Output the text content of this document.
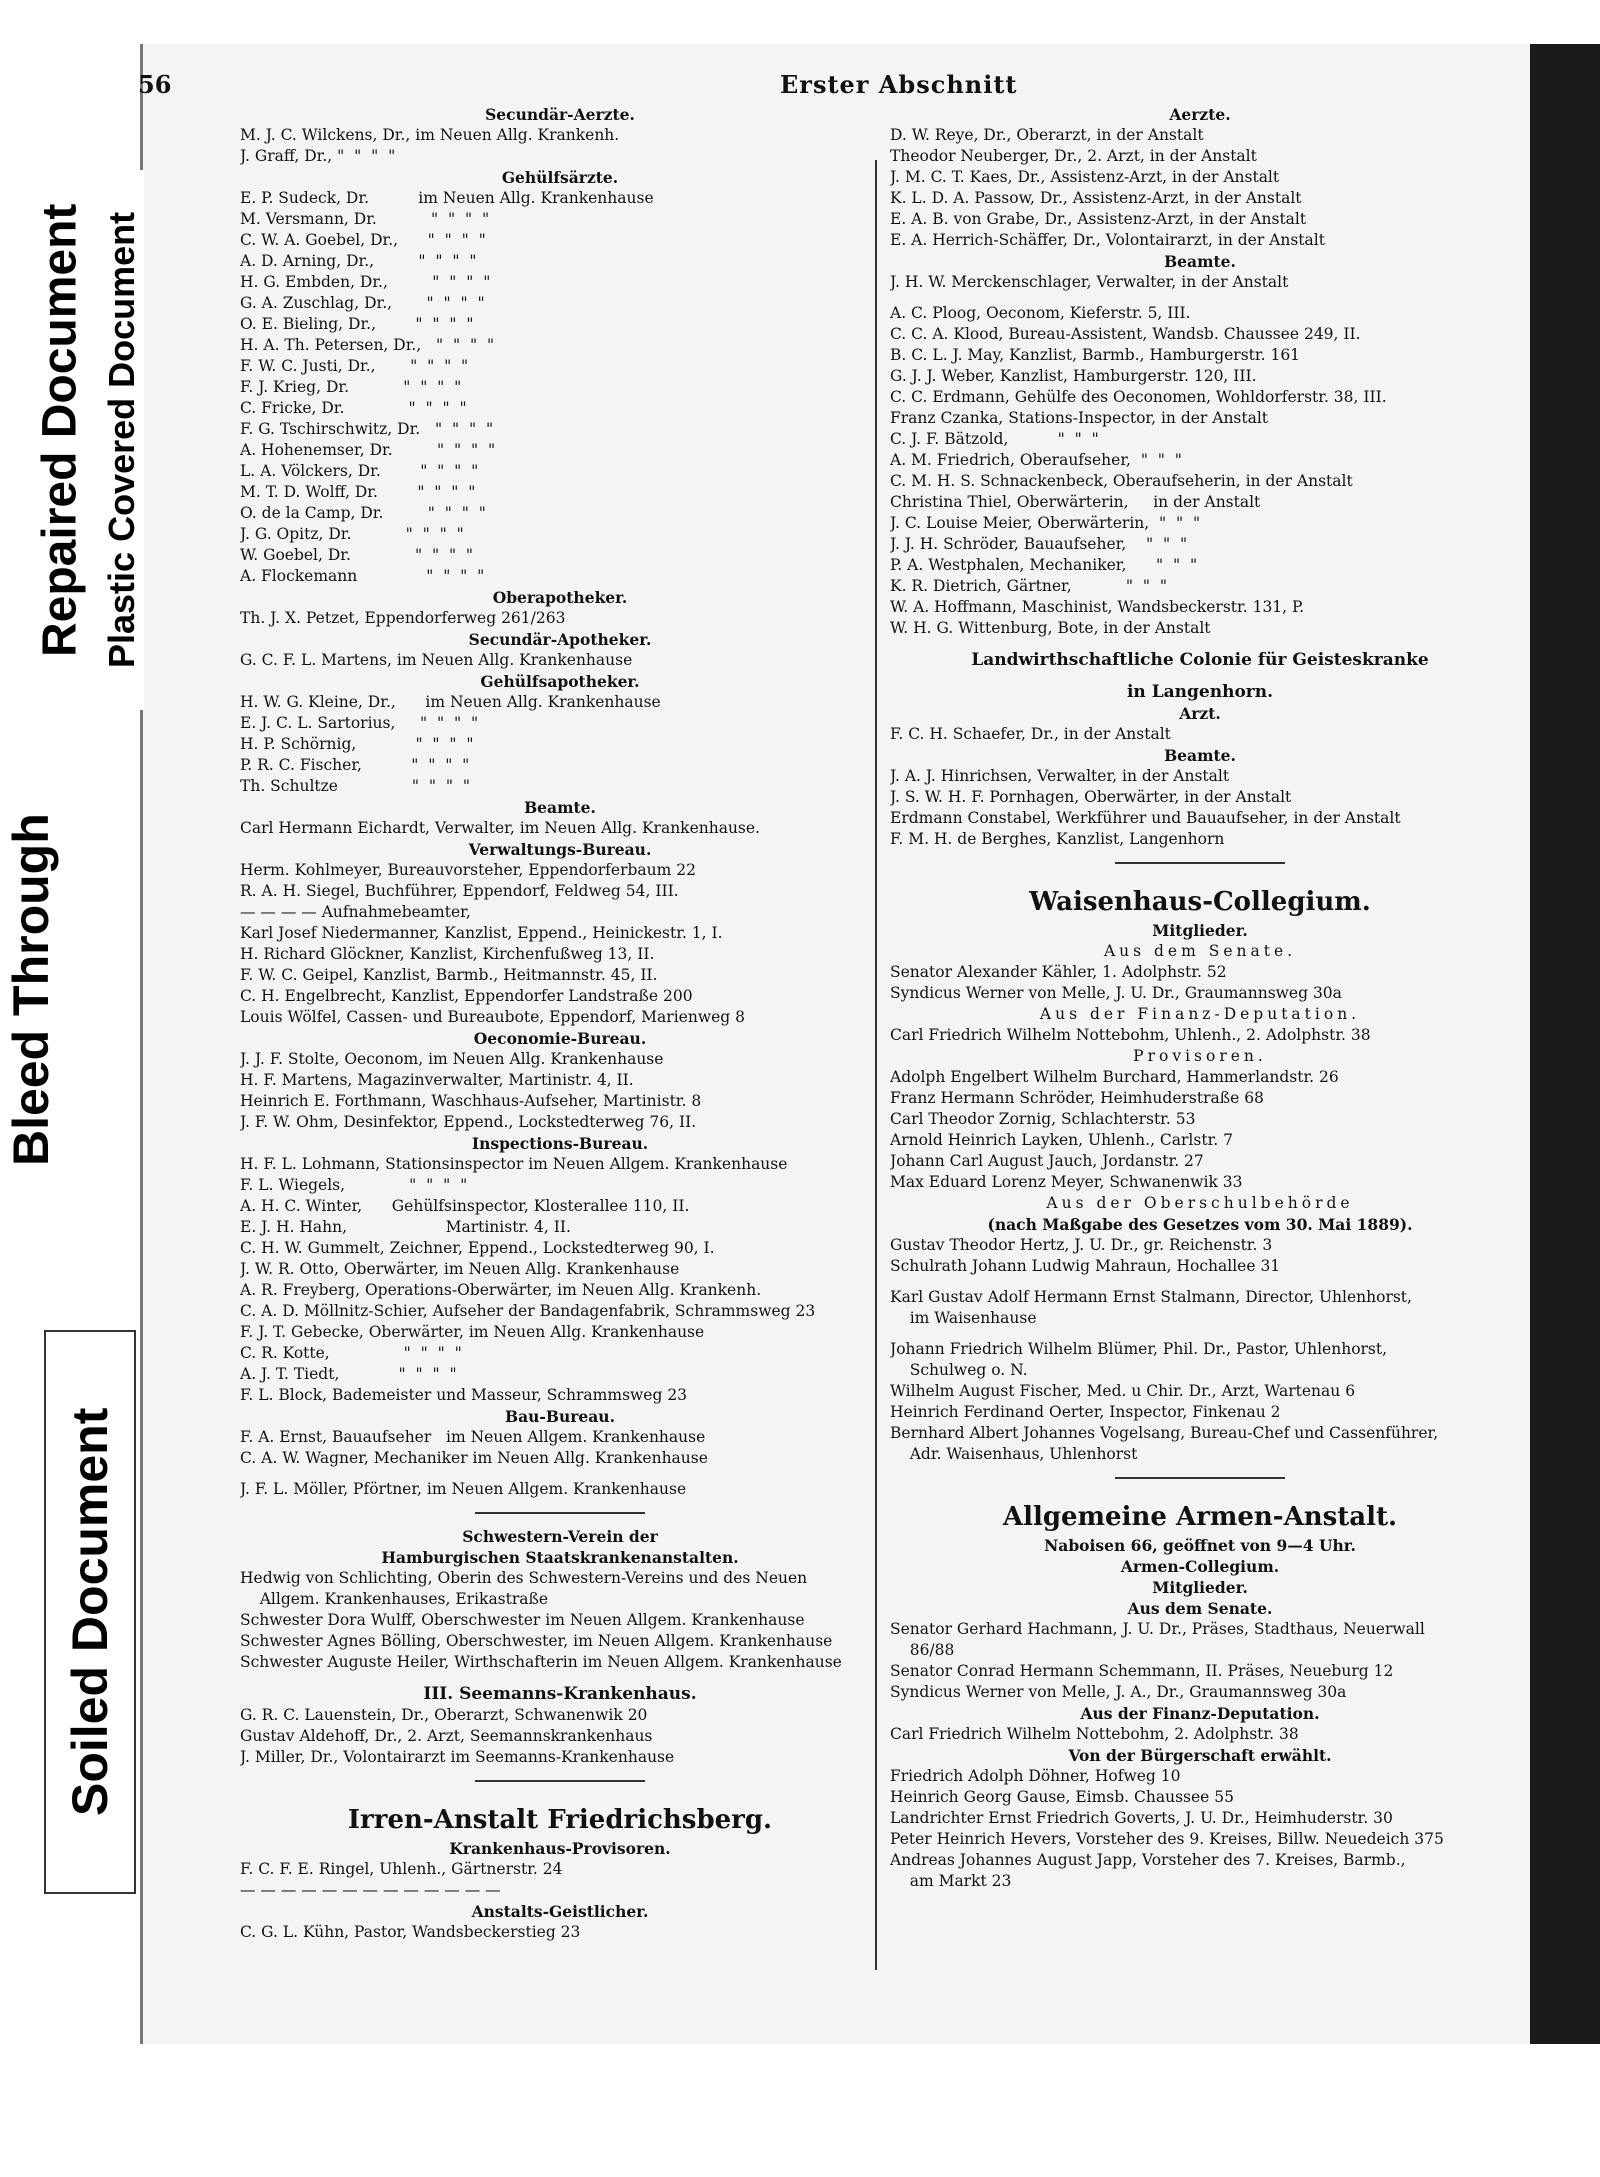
Repaired Document Plastic Covered Document
Bleed Through
Soiled Document
56	Erster Abschnitt
Secundär-Aerzte.
M. J. C. Wilckens, Dr., im Neuen Allg. Krankenh.
J. Graff, Dr., "  "  "  "
Gehülfsärzte.
E. P. Sudeck, Dr.          im Neuen Allg. Krankenhause
M. Versmann, Dr.           "  "  "  "
C. W. A. Goebel, Dr.,      "  "  "  "
A. D. Arning, Dr.,         "  "  "  "
H. G. Embden, Dr.,         "  "  "  "
G. A. Zuschlag, Dr.,       "  "  "  "
O. E. Bieling, Dr.,        "  "  "  "
H. A. Th. Petersen, Dr.,   "  "  "  "
F. W. C. Justi, Dr.,       "  "  "  "
F. J. Krieg, Dr.           "  "  "  "
C. Fricke, Dr.             "  "  "  "
F. G. Tschirschwitz, Dr.   "  "  "  "
A. Hohenemser, Dr.         "  "  "  "
L. A. Völckers, Dr.        "  "  "  "
M. T. D. Wolff, Dr.        "  "  "  "
O. de la Camp, Dr.         "  "  "  "
J. G. Opitz, Dr.           "  "  "  "
W. Goebel, Dr.             "  "  "  "
A. Flockemann              "  "  "  "
Oberapotheker.
Th. J. X. Petzet, Eppendorferweg 261/263
Secundär-Apotheker.
G. C. F. L. Martens, im Neuen Allg. Krankenhause
Gehülfsapotheker.
H. W. G. Kleine, Dr.,      im Neuen Allg. Krankenhause
E. J. C. L. Sartorius,     "  "  "  "
H. P. Schörnig,            "  "  "  "
P. R. C. Fischer,          "  "  "  "
Th. Schultze               "  "  "  "
Beamte.
Carl Hermann Eichardt, Verwalter, im Neuen Allg. Krankenhause.
Verwaltungs-Bureau.
Herm. Kohlmeyer, Bureauvorsteher, Eppendorferbaum 22
R. A. H. Siegel, Buchführer, Eppendorf, Feldweg 54, III.
— — — — Aufnahmebeamter,
Karl Josef Niedermanner, Kanzlist, Eppend., Heinickestr. 1, I.
H. Richard Glöckner, Kanzlist, Kirchenfußweg 13, II.
F. W. C. Geipel, Kanzlist, Barmb., Heitmannstr. 45, II.
C. H. Engelbrecht, Kanzlist, Eppendorfer Landstraße 200
Louis Wölfel, Cassen- und Bureaubote, Eppendorf, Marienweg 8
Oeconomie-Bureau.
J. J. F. Stolte, Oeconom, im Neuen Allg. Krankenhause
H. F. Martens, Magazinverwalter, Martinistr. 4, II.
Heinrich E. Forthmann, Waschhaus-Aufseher, Martinistr. 8
J. F. W. Ohm, Desinfektor, Eppend., Lockstedterweg 76, II.
Inspections-Bureau.
H. F. L. Lohmann, Stationsinspector im Neuen Allgem. Krankenhause
F. L. Wiegels,             "  "  "  "
A. H. C. Winter,      Gehülfsinspector, Klosterallee 110, II.
E. J. H. Hahn,                    Martinistr. 4, II.
C. H. W. Gummelt, Zeichner, Eppend., Lockstedterweg 90, I.
J. W. R. Otto, Oberwärter, im Neuen Allg. Krankenhause
A. R. Freyberg, Operations-Oberwärter, im Neuen Allg. Krankenh.
C. A. D. Möllnitz-Schier, Aufseher der Bandagenfabrik, Schrammsweg 23
F. J. T. Gebecke, Oberwärter, im Neuen Allg. Krankenhause
C. R. Kotte,               "  "  "  "
A. J. T. Tiedt,            "  "  "  "
F. L. Block, Bademeister und Masseur, Schrammsweg 23
Bau-Bureau.
F. A. Ernst, Bauaufseher   im Neuen Allgem. Krankenhause
C. A. W. Wagner, Mechaniker im Neuen Allg. Krankenhause
J. F. L. Möller, Pförtner, im Neuen Allgem. Krankenhause
Schwestern-Verein der
Hamburgischen Staatskrankenanstalten.
Hedwig von Schlichting, Oberin des Schwestern-Vereins und des Neuen
Allgem. Krankenhauses, Erikastraße
Schwester Dora Wulff, Oberschwester im Neuen Allgem. Krankenhause
Schwester Agnes Bölling, Oberschwester, im Neuen Allgem. Krankenhause
Schwester Auguste Heiler, Wirthschafterin im Neuen Allgem. Krankenhause
III. Seemanns-Krankenhaus.
G. R. C. Lauenstein, Dr., Oberarzt, Schwanenwik 20
Gustav Aldehoff, Dr., 2. Arzt, Seemannskrankenhaus
J. Miller, Dr., Volontairarzt im Seemanns-Krankenhause
Irren-Anstalt Friedrichsberg.
Krankenhaus-Provisoren.
F. C. F. E. Ringel, Uhlenh., Gärtnerstr. 24
— — — — — — — — — — — — —
Anstalts-Geistlicher.
C. G. L. Kühn, Pastor, Wandsbeckerstieg 23
Aerzte.
D. W. Reye, Dr., Oberarzt, in der Anstalt
Theodor Neuberger, Dr., 2. Arzt, in der Anstalt
J. M. C. T. Kaes, Dr., Assistenz-Arzt, in der Anstalt
K. L. D. A. Passow, Dr., Assistenz-Arzt, in der Anstalt
E. A. B. von Grabe, Dr., Assistenz-Arzt, in der Anstalt
E. A. Herrich-Schäffer, Dr., Volontairarzt, in der Anstalt
Beamte.
J. H. W. Merckenschlager, Verwalter, in der Anstalt
A. C. Ploog, Oeconom, Kieferstr. 5, III.
C. C. A. Klood, Bureau-Assistent, Wandsb. Chaussee 249, II.
B. C. L. J. May, Kanzlist, Barmb., Hamburgerstr. 161
G. J. J. Weber, Kanzlist, Hamburgerstr. 120, III.
C. C. Erdmann, Gehülfe des Oeconomen, Wohldorferstr. 38, III.
Franz Czanka, Stations-Inspector, in der Anstalt
C. J. F. Bätzold,          "  "  "
A. M. Friedrich, Oberaufseher,  "  "  "
C. M. H. S. Schnackenbeck, Oberaufseherin, in der Anstalt
Christina Thiel, Oberwärterin,     in der Anstalt
J. C. Louise Meier, Oberwärterin,  "  "  "
J. J. H. Schröder, Bauaufseher,    "  "  "
P. A. Westphalen, Mechaniker,      "  "  "
K. R. Dietrich, Gärtner,           "  "  "
W. A. Hoffmann, Maschinist, Wandsbeckerstr. 131, P.
W. H. G. Wittenburg, Bote, in der Anstalt
Landwirthschaftliche Colonie für Geisteskranke
in Langenhorn.
Arzt.
F. C. H. Schaefer, Dr., in der Anstalt
Beamte.
J. A. J. Hinrichsen, Verwalter, in der Anstalt
J. S. W. H. F. Pornhagen, Oberwärter, in der Anstalt
Erdmann Constabel, Werkführer und Bauaufseher, in der Anstalt
F. M. H. de Berghes, Kanzlist, Langenhorn
Waisenhaus-Collegium.
Mitglieder.
Aus dem Senate.
Senator Alexander Kähler, 1. Adolphstr. 52
Syndicus Werner von Melle, J. U. Dr., Graumannsweg 30a
Aus der Finanz-Deputation.
Carl Friedrich Wilhelm Nottebohm, Uhlenh., 2. Adolphstr. 38
Provisoren.
Adolph Engelbert Wilhelm Burchard, Hammerlandstr. 26
Franz Hermann Schröder, Heimhuderstraße 68
Carl Theodor Zornig, Schlachterstr. 53
Arnold Heinrich Layken, Uhlenh., Carlstr. 7
Johann Carl August Jauch, Jordanstr. 27
Max Eduard Lorenz Meyer, Schwanenwik 33
Aus der Oberschulbehörde
(nach Maßgabe des Gesetzes vom 30. Mai 1889).
Gustav Theodor Hertz, J. U. Dr., gr. Reichenstr. 3
Schulrath Johann Ludwig Mahraun, Hochallee 31
Karl Gustav Adolf Hermann Ernst Stalmann, Director, Uhlenhorst,
im Waisenhause
Johann Friedrich Wilhelm Blümer, Phil. Dr., Pastor, Uhlenhorst,
Schulweg o. N.
Wilhelm August Fischer, Med. u Chir. Dr., Arzt, Wartenau 6
Heinrich Ferdinand Oerter, Inspector, Finkenau 2
Bernhard Albert Johannes Vogelsang, Bureau-Chef und Cassenführer,
Adr. Waisenhaus, Uhlenhorst
Allgemeine Armen-Anstalt.
Naboisen 66, geöffnet von 9—4 Uhr.
Armen-Collegium.
Mitglieder.
Aus dem Senate.
Senator Gerhard Hachmann, J. U. Dr., Präses, Stadthaus, Neuerwall
86/88
Senator Conrad Hermann Schemmann, II. Präses, Neueburg 12
Syndicus Werner von Melle, J. A., Dr., Graumannsweg 30a
Aus der Finanz-Deputation.
Carl Friedrich Wilhelm Nottebohm, 2. Adolphstr. 38
Von der Bürgerschaft erwählt.
Friedrich Adolph Döhner, Hofweg 10
Heinrich Georg Gause, Eimsb. Chaussee 55
Landrichter Ernst Friedrich Goverts, J. U. Dr., Heimhuderstr. 30
Peter Heinrich Hevers, Vorsteher des 9. Kreises, Billw. Neuedeich 375
Andreas Johannes August Japp, Vorsteher des 7. Kreises, Barmb.,
am Markt 23
